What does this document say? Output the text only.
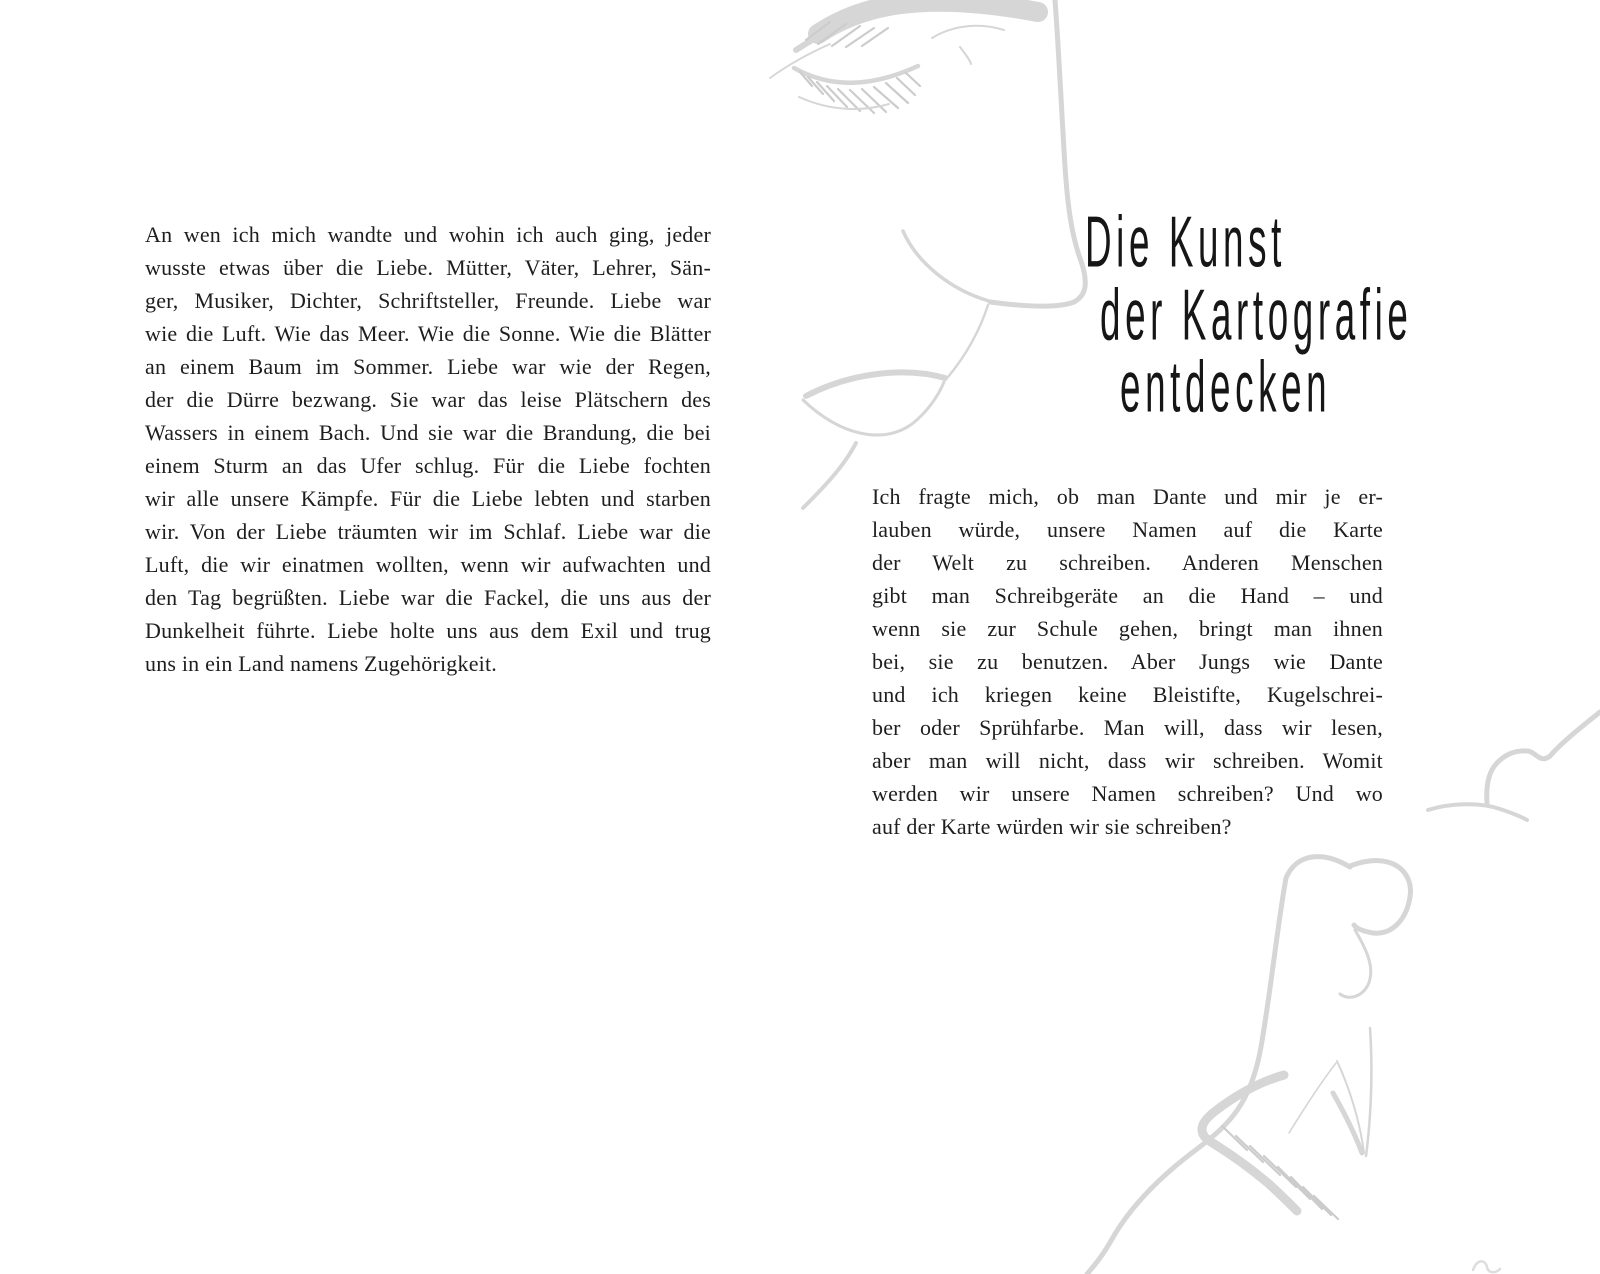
An wen ich mich wandte und wohin ich auch ging, jeder
wusste etwas über die Liebe. Mütter, Väter, Lehrer, Sän-
ger, Musiker, Dichter, Schriftsteller, Freunde. Liebe war
wie die Luft. Wie das Meer. Wie die Sonne. Wie die Blätter
an einem Baum im Sommer. Liebe war wie der Regen,
der die Dürre bezwang. Sie war das leise Plätschern des
Wassers in einem Bach. Und sie war die Brandung, die bei
einem Sturm an das Ufer schlug. Für die Liebe fochten
wir alle unsere Kämpfe. Für die Liebe lebten und starben
wir. Von der Liebe träumten wir im Schlaf. Liebe war die
Luft, die wir einatmen wollten, wenn wir aufwachten und
den Tag begrüßten. Liebe war die Fackel, die uns aus der
Dunkelheit führte. Liebe holte uns aus dem Exil und trug
uns in ein Land namens Zugehörigkeit.
Die Kunst
der Kartografie
entdecken
Ich fragte mich, ob man Dante und mir je er-
lauben würde, unsere Namen auf die Karte
der Welt zu schreiben. Anderen Menschen
gibt man Schreibgeräte an die Hand – und
wenn sie zur Schule gehen, bringt man ihnen
bei, sie zu benutzen. Aber Jungs wie Dante
und ich kriegen keine Bleistifte, Kugelschrei-
ber oder Sprühfarbe. Man will, dass wir lesen,
aber man will nicht, dass wir schreiben. Womit
werden wir unsere Namen schreiben? Und wo
auf der Karte würden wir sie schreiben?
